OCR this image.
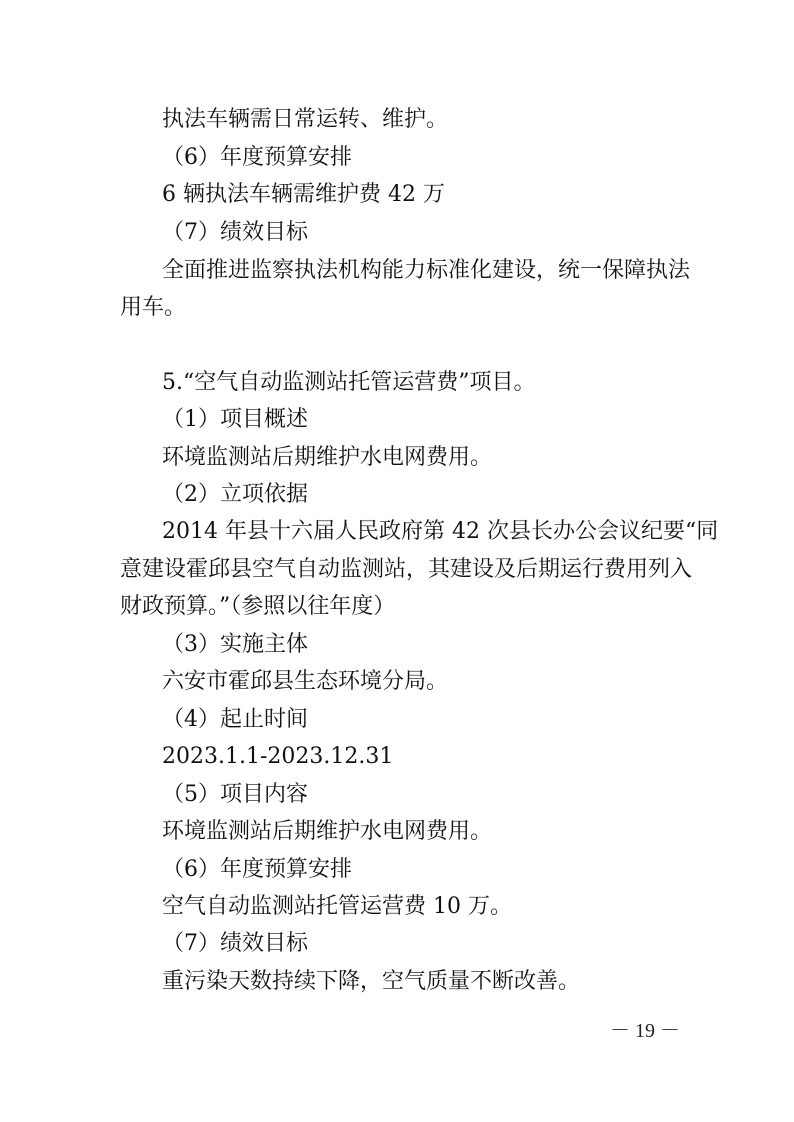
执法车辆需日常运转、维护。
（6）年度预算安排
6 辆执法车辆需维护费 42 万
（7）绩效目标
全面推进监察执法机构能力标准化建设，统一保障执法
用车。
5.“空气自动监测站托管运营费”项目。
（1）项目概述
环境监测站后期维护水电网费用。
（2）立项依据
2014 年县十六届人民政府第 42 次县长办公会议纪要“同
意建设霍邱县空气自动监测站，其建设及后期运行费用列入
财政预算。”（参照以往年度）
（3）实施主体
六安市霍邱县生态环境分局。
（4）起止时间
2023.1.1-2023.12.31
（5）项目内容
环境监测站后期维护水电网费用。
（6）年度预算安排
空气自动监测站托管运营费 10 万。
（7）绩效目标
重污染天数持续下降，空气质量不断改善。
－ 19 －
